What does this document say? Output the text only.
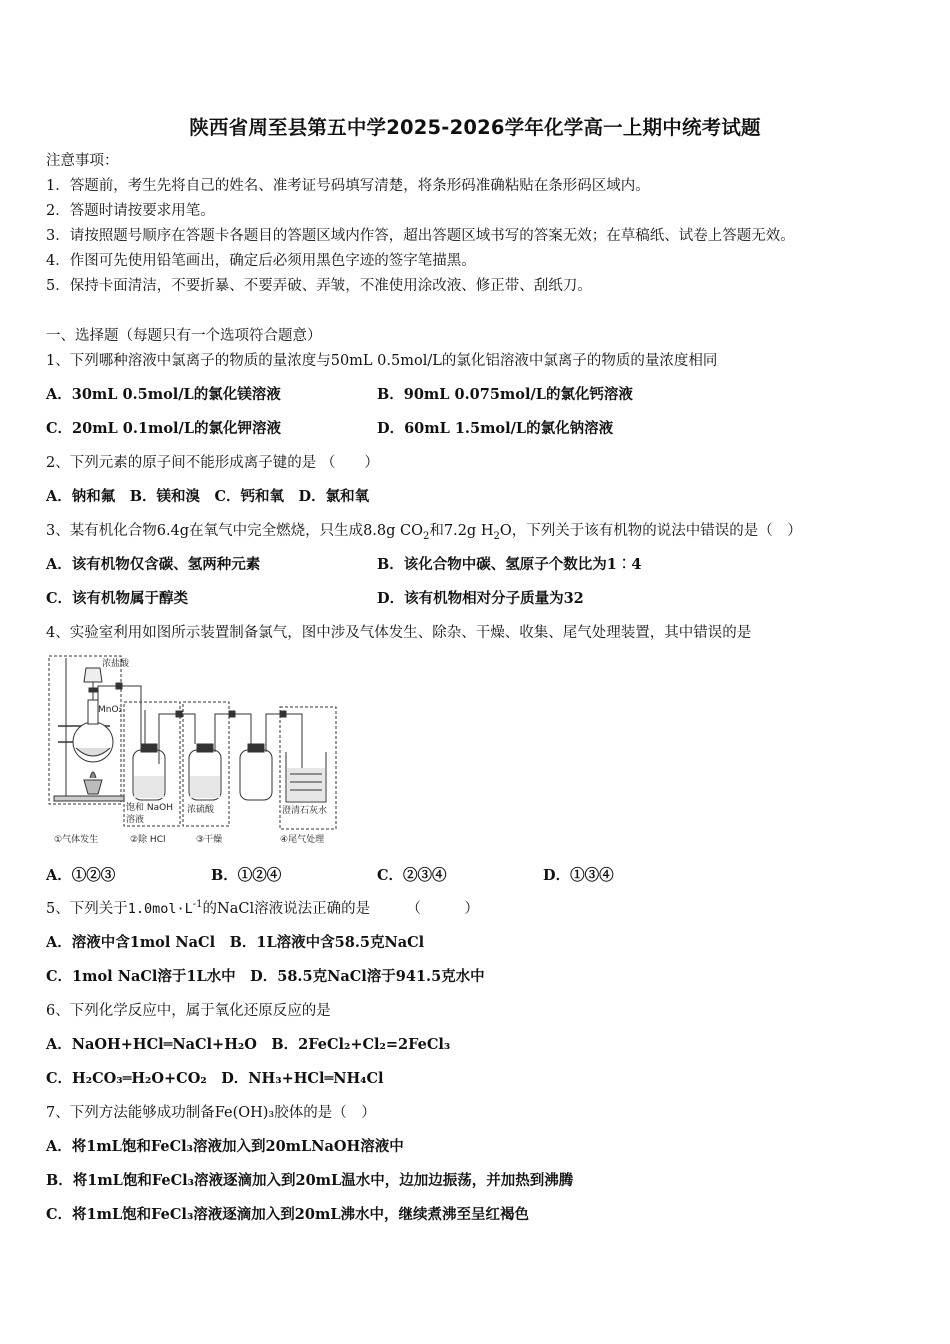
陕西省周至县第五中学2025-2026学年化学高一上期中统考试题
注意事项：
1．答题前，考生先将自己的姓名、准考证号码填写清楚，将条形码准确粘贴在条形码区域内。
2．答题时请按要求用笔。
3．请按照题号顺序在答题卡各题目的答题区域内作答，超出答题区域书写的答案无效；在草稿纸、试卷上答题无效。
4．作图可先使用铅笔画出，确定后必须用黑色字迹的签字笔描黑。
5．保持卡面清洁，不要折暴、不要弄破、弄皱，不准使用涂改液、修正带、刮纸刀。
一、选择题（每题只有一个选项符合题意）
1、下列哪种溶液中氯离子的物质的量浓度与50mL 0.5mol/L的氯化铝溶液中氯离子的物质的量浓度相同
A．30mL 0.5mol/L的氯化镁溶液	B．90mL 0.075mol/L的氯化钙溶液
C．20mL 0.1mol/L的氯化钾溶液	D．60mL 1.5mol/L的氯化钠溶液
2、下列元素的原子间不能形成离子键的是 （　　）
A．钠和氟　B．镁和溴　C．钙和氧　D．氯和氧
3、某有机化合物6.4g在氧气中完全燃烧，只生成8.8g $CO_2$和7.2g $H_2O$，下列关于该有机物的说法中错误的是（　）
A．该有机物仅含碳、氢两种元素	B．该化合物中碳、氢原子个数比为1︰4
C．该有机物属于醇类	D．该有机物相对分子质量为32
4、实验室利用如图所示装置制备氯气，图中涉及气体发生、除杂、干燥、收集、尾气处理装置，其中错误的是
浓盐酸
MnO₂
饱和 NaOH
溶液
浓硫酸	澄清石灰水
①气体发生	②除 HCl	③干燥	④尾气处理
A．①②③	B．①②④	C．②③④	D．①③④
5、下列关于$1.0mol\cdot L^{-1}$的NaCl溶液说法正确的是　　　（　　　）
A．溶液中含1mol NaCl　B．1L溶液中含58.5克NaCl
C．1mol NaCl溶于1L水中　D．58.5克NaCl溶于941.5克水中
6、下列化学反应中，属于氧化还原反应的是
A．NaOH+HCl═NaCl+H₂O　B．2FeCl₂+Cl₂=2FeCl₃
C．H₂CO₃═H₂O+CO₂　D．NH₃+HCl═NH₄Cl
7、下列方法能够成功制备Fe(OH)₃胶体的是（　）
A．将1mL饱和FeCl₃溶液加入到20mLNaOH溶液中
B．将1mL饱和FeCl₃溶液逐滴加入到20mL温水中，边加边振荡，并加热到沸腾
C．将1mL饱和FeCl₃溶液逐滴加入到20mL沸水中，继续煮沸至呈红褐色
